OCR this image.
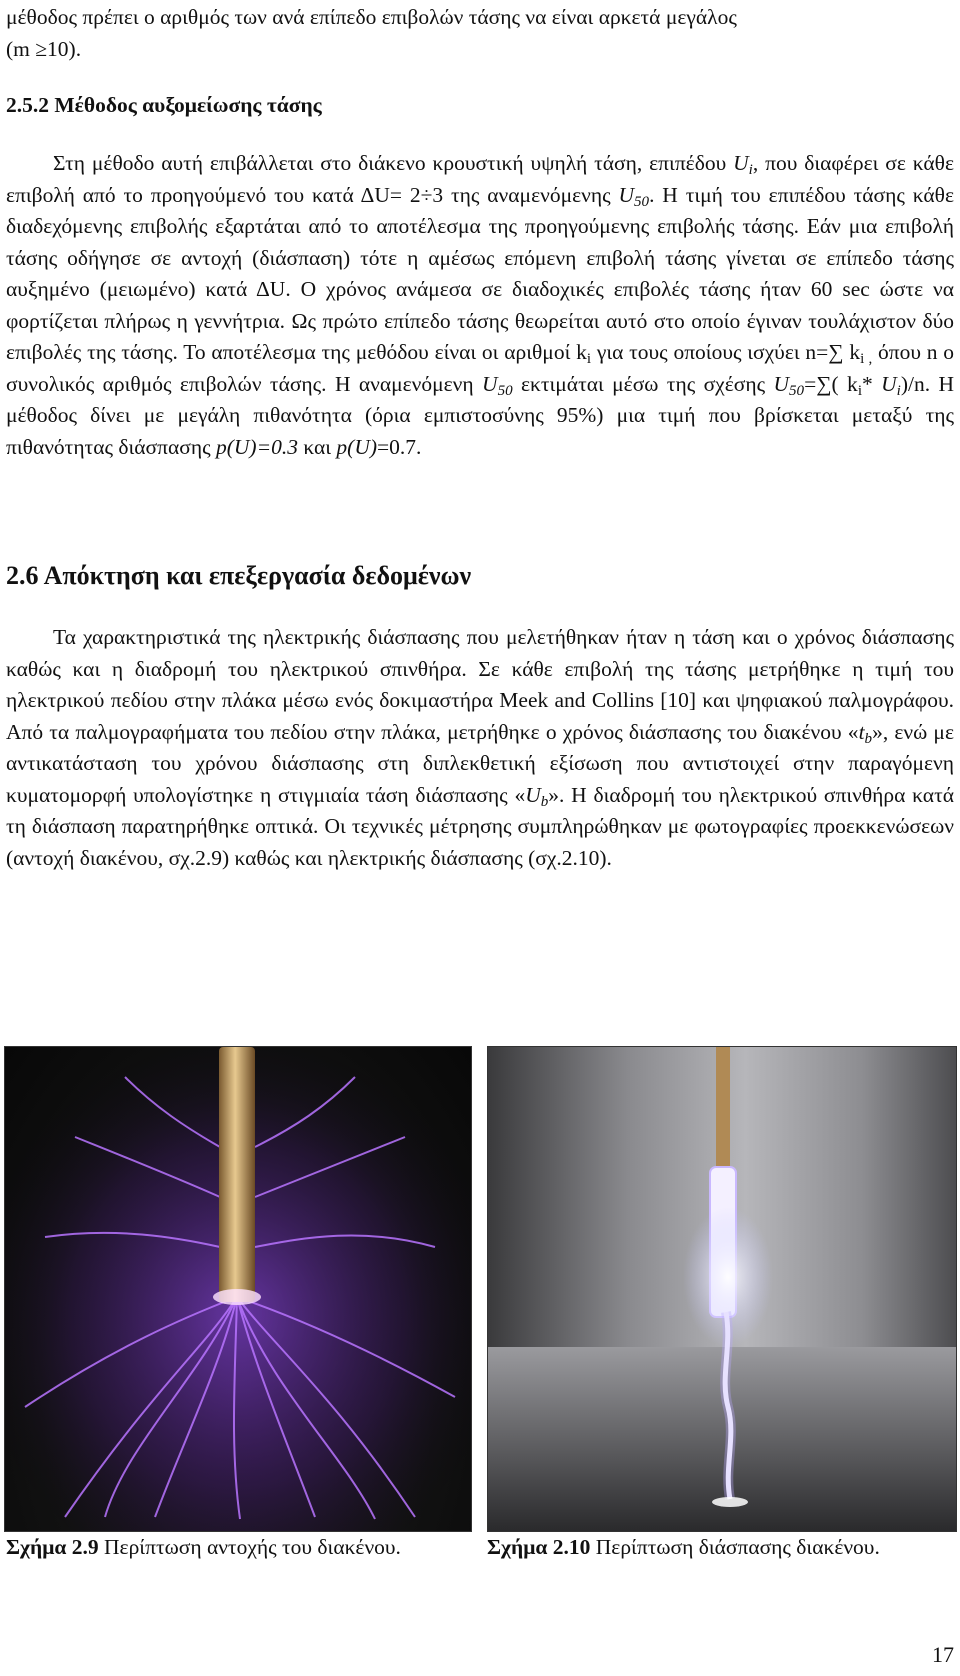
μέθοδος πρέπει ο αριθμός των ανά επίπεδο επιβολών τάσης να είναι αρκετά μεγάλος
(m ≥10).
2.5.2 Μέθοδος αυξομείωσης τάσης
Στη μέθοδο αυτή επιβάλλεται στο διάκενο κρουστική υψηλή τάση, επιπέδου $U_i$, που διαφέρει σε κάθε επιβολή από το προηγούμενό του κατά ΔU= 2÷3 της αναμενόμενης $U_{50}$. Η τιμή του επιπέδου τάσης κάθε διαδεχόμενης επιβολής εξαρτάται από το αποτέλεσμα της προηγούμενης επιβολής τάσης. Εάν μια επιβολή τάσης οδήγησε σε αντοχή (διάσπαση) τότε η αμέσως επόμενη επιβολή τάσης γίνεται σε επίπεδο τάσης αυξημένο (μειωμένο) κατά ΔU. Ο χρόνος ανάμεσα σε διαδοχικές επιβολές τάσης ήταν 60 sec ώστε να φορτίζεται πλήρως η γεννήτρια. Ως πρώτο επίπεδο τάσης θεωρείται αυτό στο οποίο έγιναν τουλάχιστον δύο επιβολές της τάσης. Το αποτέλεσμα της μεθόδου είναι οι αριθμοί $k_i$ για τους οποίους ισχύει n=∑ $k_{i ,}$ όπου n ο συνολικός αριθμός επιβολών τάσης. Η αναμενόμενη $U_{50}$ εκτιμάται μέσω της σχέσης $U_{50}=\sum$( $k_i*$ $U_i)/n$. Η μέθοδος δίνει με μεγάλη πιθανότητα (όρια εμπιστοσύνης 95%) μια τιμή που βρίσκεται μεταξύ της πιθανότητας διάσπασης p(U)=0.3 και p(U)=0.7.
2.6 Απόκτηση και επεξεργασία δεδομένων
Τα χαρακτηριστικά της ηλεκτρικής διάσπασης που μελετήθηκαν ήταν η τάση και ο χρόνος διάσπασης καθώς και η διαδρομή του ηλεκτρικού σπινθήρα. Σε κάθε επιβολή της τάσης μετρήθηκε η τιμή του ηλεκτρικού πεδίου στην πλάκα μέσω ενός δοκιμαστήρα Meek and Collins [10] και ψηφιακού παλμογράφου. Από τα παλμογραφήματα του πεδίου στην πλάκα, μετρήθηκε ο χρόνος διάσπασης του διακένου «$t_b$», ενώ με αντικατάσταση του χρόνου διάσπασης στη διπλεκθετική εξίσωση που αντιστοιχεί στην παραγόμενη κυματομορφή υπολογίστηκε η στιγμιαία τάση διάσπασης «$U_b$». Η διαδρομή του ηλεκτρικού σπινθήρα κατά τη διάσπαση παρατηρήθηκε οπτικά. Οι τεχνικές μέτρησης συμπληρώθηκαν με φωτογραφίες προεκκενώσεων (αντοχή διακένου, σχ.2.9) καθώς και ηλεκτρικής διάσπασης (σχ.2.10).
Σχήμα 2.9 Περίπτωση αντοχής του διακένου.	Σχήμα 2.10 Περίπτωση διάσπασης διακένου.
17
